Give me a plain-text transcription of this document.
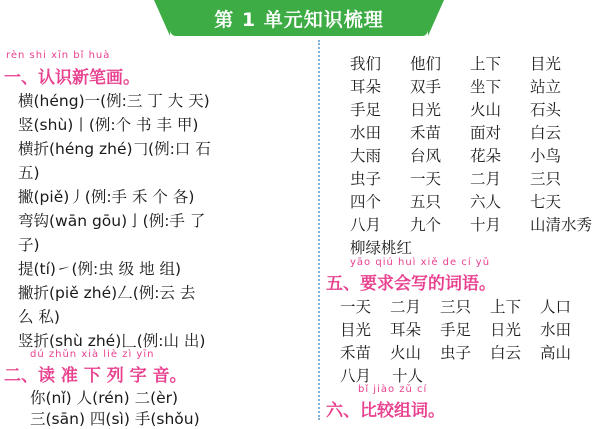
第 1 单元知识梳理
rèn shi xīn bǐ huà
一、认识新笔画。
横(héng)一(例:三 丁 大 天)
竖(shù)丨(例:个 书 丰 甲)
横折(héng zhé)𠃌(例:口 石
五)
撇(piě)丿(例:手 禾 个 各)
弯钩(wān gōu)亅(例:手 了
子)
提(tí)㇀(例:虫 级 地 组)
撇折(piě zhé)𠃋(例:云 去
么 私)
竖折(shù zhé)𠃊(例:山 出)
dú zhǔn xià liè zì yīn
二、读 准 下 列 字 音。
你(nǐ) 人(rén) 二(èr)
三(sān) 四(sì) 手(shǒu)
我们	他们	上下	目光
耳朵	双手	坐下	站立
手足	日光	火山	石头
水田	禾苗	面对	白云
大雨	台风	花朵	小鸟
虫子	一天	二月	三只
四个	五只	六人	七天
八月	九个	十月	山清水秀
柳绿桃红
yāo qiú huì xiě de cí yǔ
五、要求会写的词语。
一天	二月	三只	上下	人口
目光	耳朵	手足	日光	水田
禾苗	火山	虫子	白云	高山
八月	十人
bǐ jiào zǔ cí
六、比较组词。
